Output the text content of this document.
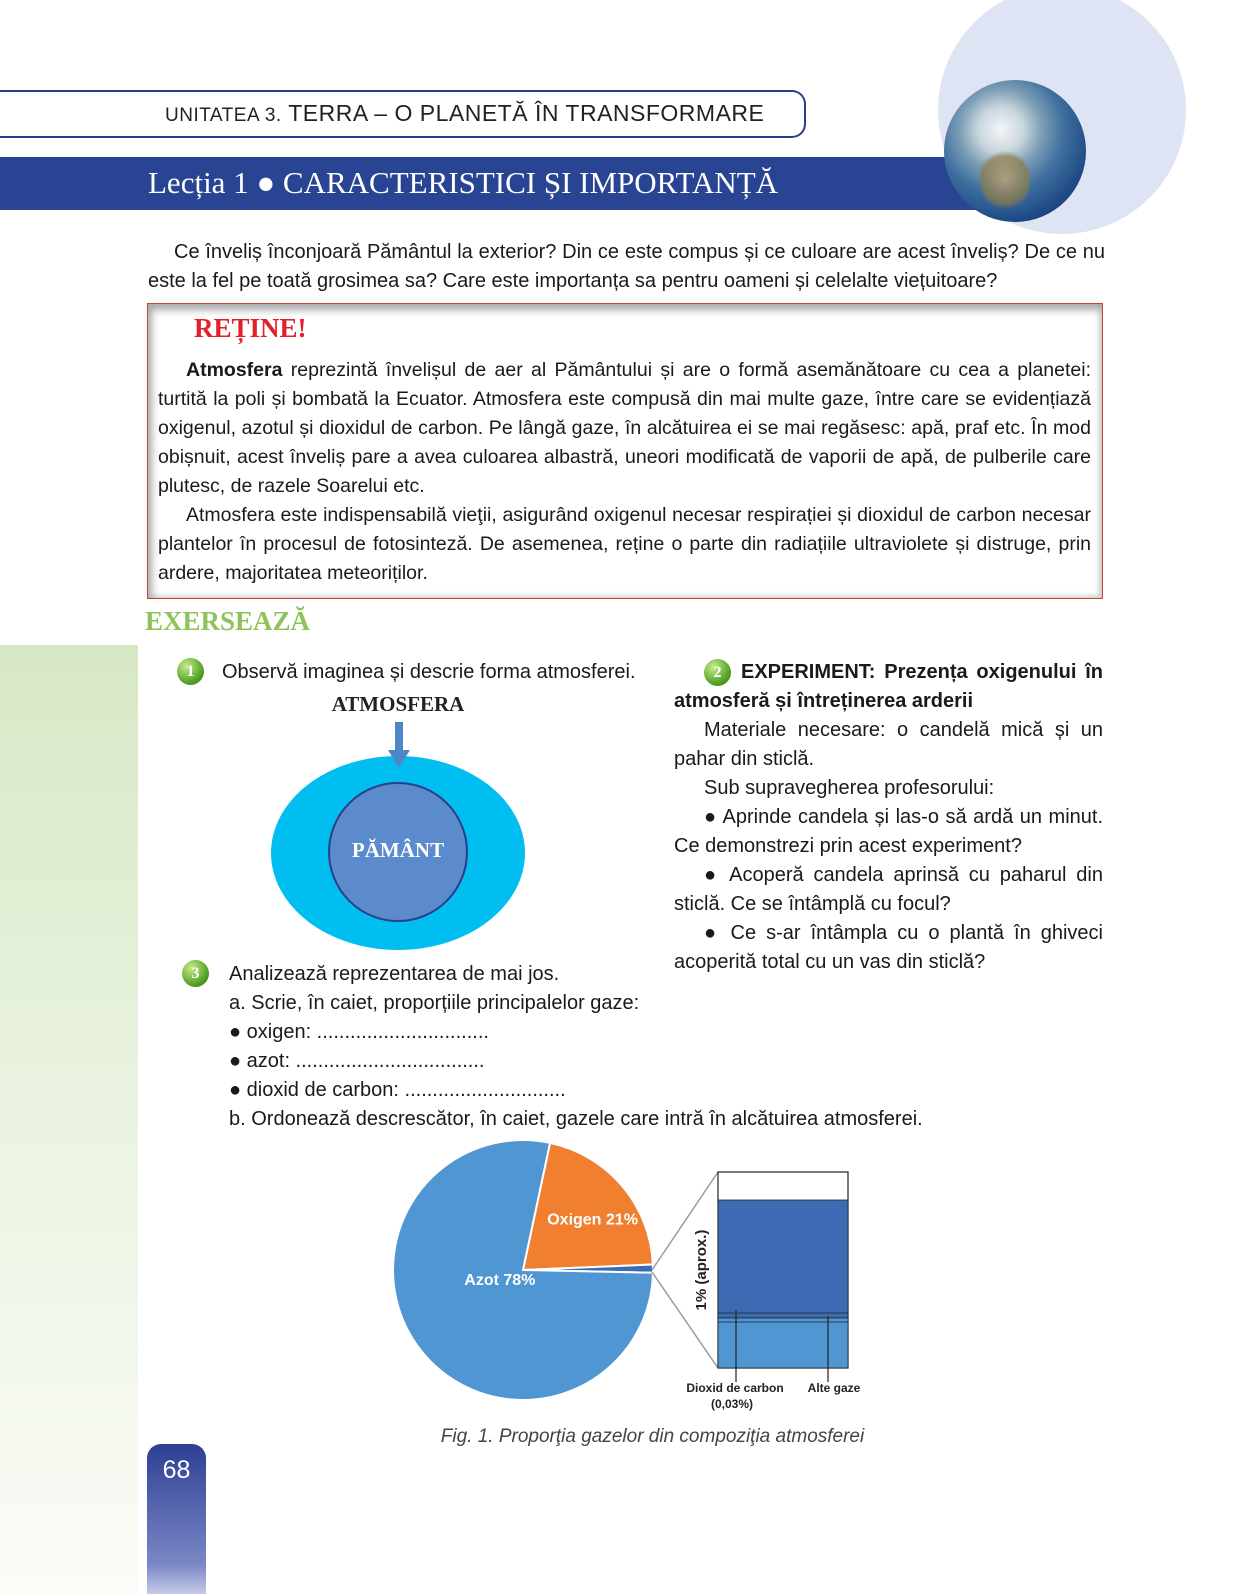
UNITATEA 3. TERRA – O PLANETĂ ÎN TRANSFORMARE
Lecția 1 ● CARACTERISTICI ȘI IMPORTANȚĂ
Ce înveliș înconjoară Pământul la exterior? Din ce este compus și ce culoare are acest înveliș? De ce nu este la fel pe toată grosimea sa? Care este importanța sa pentru oameni și celelalte viețuitoare?
REȚINE!

Atmosfera reprezintă învelișul de aer al Pământului și are o formă asemănătoare cu cea a planetei: turtită la poli și bombată la Ecuator. Atmosfera este compusă din mai multe gaze, între care se evidențiază oxigenul, azotul și dioxidul de carbon. Pe lângă gaze, în alcătuirea ei se mai regăsesc: apă, praf etc. În mod obișnuit, acest înveliș pare a avea culoarea albastră, uneori modificată de vaporii de apă, de pulberile care plutesc, de razele Soarelui etc.

Atmosfera este indispensabilă vieţii, asigurând oxigenul necesar respirației și dioxidul de carbon necesar plantelor în procesul de fotosinteză. De asemenea, reține o parte din radiațiile ultraviolete și distruge, prin ardere, majoritatea meteoriților.

EXERSEAZĂ
1	Observă imaginea și descrie forma atmosferei.
ATMOSFERA
PĂMÂNT

2 EXPERIMENT: Prezența oxigenului în atmosferă și întreținerea arderii

Materiale necesare: o candelă mică și un pahar din sticlă.

Sub supravegherea profesorului:

● Aprinde candela și las-o să ardă un minut. Ce demonstrezi prin acest experiment?

● Acoperă candela aprinsă cu paharul din sticlă. Ce se întâmplă cu focul?

● Ce s-ar întâmpla cu o plantă în ghiveci acoperită total cu un vas din sticlă?

3	Analizează reprezentarea de mai jos.

a. Scrie, în caiet, proporțiile principalelor gaze:

● oxigen: ...............................

● azot: ..................................

● dioxid de carbon: .............................

b. Ordonează descrescător, în caiet, gazele care intră în alcătuirea atmosferei.

Oxigen 21%
Azot 78%	1% (aprox.)
Dioxid de carbon
(0,03%)
Alte gaze
Fig. 1. Proporţia gazelor din compoziţia atmosferei
68
